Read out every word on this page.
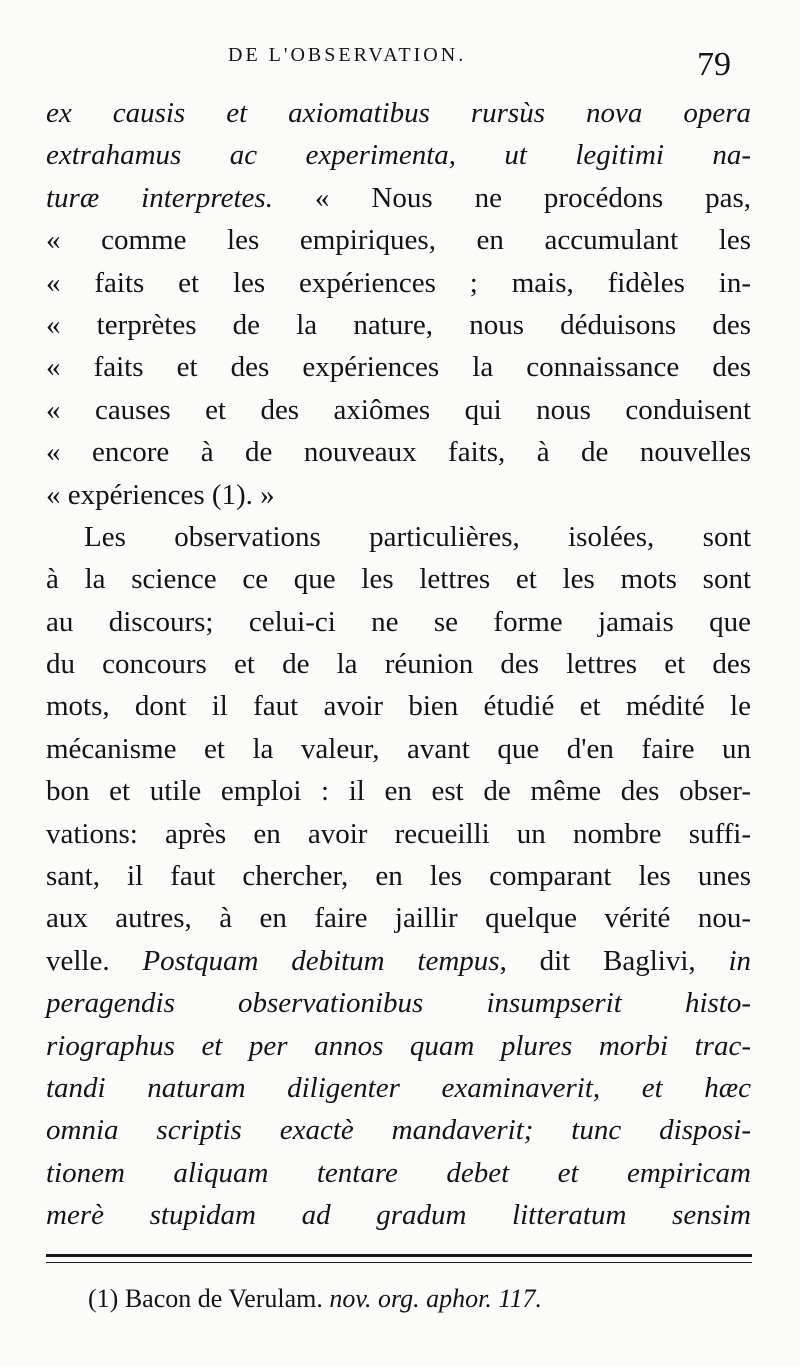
DE L'OBSERVATION.	79
ex causis et axiomatibus rursùs nova opera
extrahamus ac experimenta, ut legitimi na-
turæ interpretes. « Nous ne procédons pas,
« comme les empiriques, en accumulant les
« faits et les expériences ; mais, fidèles in-
« terprètes de la nature, nous déduisons des
« faits et des expériences la connaissance des
« causes et des axiômes qui nous conduisent
« encore à de nouveaux faits, à de nouvelles
« expériences (1). »
Les observations particulières, isolées, sont
à la science ce que les lettres et les mots sont
au discours; celui-ci ne se forme jamais que
du concours et de la réunion des lettres et des
mots, dont il faut avoir bien étudié et médité le
mécanisme et la valeur, avant que d'en faire un
bon et utile emploi : il en est de même des obser-
vations: après en avoir recueilli un nombre suffi-
sant, il faut chercher, en les comparant les unes
aux autres, à en faire jaillir quelque vérité nou-
velle. Postquam debitum tempus, dit Baglivi, in
peragendis observationibus insumpserit histo-
riographus et per annos quam plures morbi trac-
tandi naturam diligenter examinaverit, et hæc
omnia scriptis exactè mandaverit; tunc disposi-
tionem aliquam tentare debet et empiricam
merè stupidam ad gradum litteratum sensim
(1) Bacon de Verulam. nov. org. aphor. 117.
